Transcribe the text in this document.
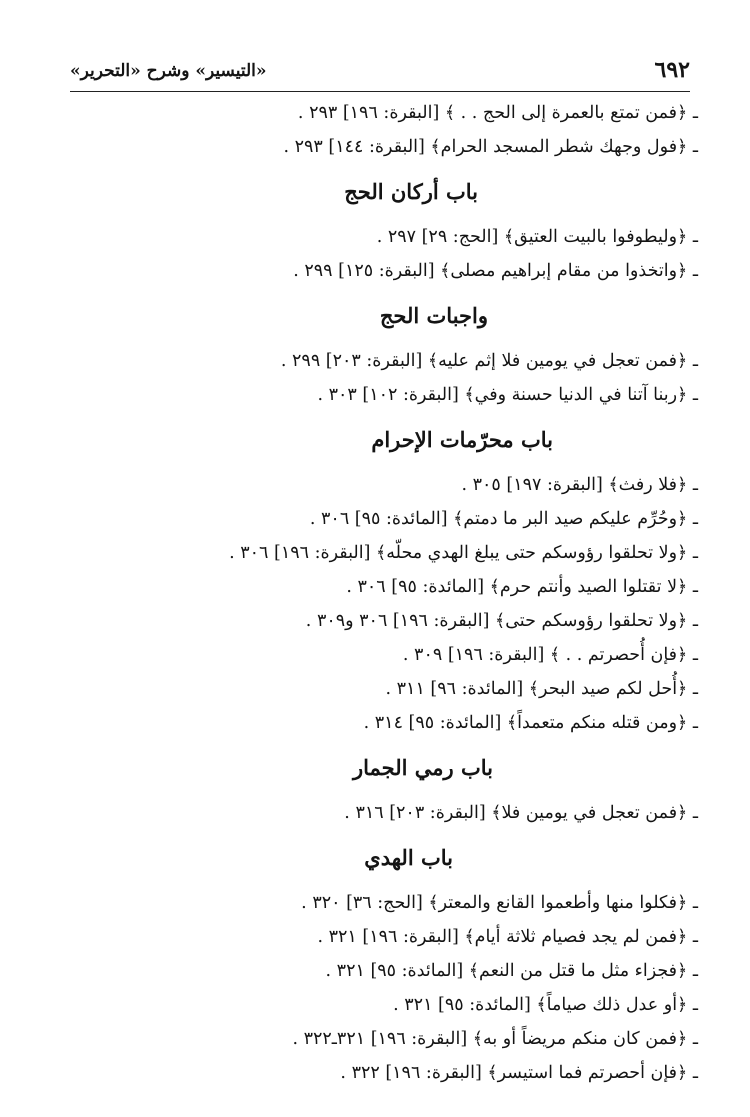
٦٩٢
«التيسير» وشرح «التحرير»
ـ ﴿فمن تمتع بالعمرة إلى الحج . . ﴾ [البقرة: ١٩٦] ٢٩٣ .
ـ ﴿فول وجهك شطر المسجد الحرام﴾ [البقرة: ١٤٤] ٢٩٣ .
باب أركان الحج
ـ ﴿وليطوفوا بالبيت العتيق﴾ [الحج: ٢٩] ٢٩٧ .
ـ ﴿واتخذوا من مقام إبراهيم مصلى﴾ [البقرة: ١٢٥] ٢٩٩ .
واجبات الحج
ـ ﴿فمن تعجل في يومين فلا إثم عليه﴾ [البقرة: ٢٠٣] ٢٩٩ .
ـ ﴿ربنا آتنا في الدنيا حسنة وفي﴾ [البقرة: ١٠٢] ٣٠٣ .
باب محرّمات الإحرام
ـ ﴿فلا رفث﴾ [البقرة: ١٩٧] ٣٠٥ .
ـ ﴿وحُرِّم عليكم صيد البر ما دمتم﴾ [المائدة: ٩٥] ٣٠٦ .
ـ ﴿ولا تحلقوا رؤوسكم حتى يبلغ الهدي محلّه﴾ [البقرة: ١٩٦] ٣٠٦ .
ـ ﴿لا تقتلوا الصيد وأنتم حرم﴾ [المائدة: ٩٥] ٣٠٦ .
ـ ﴿ولا تحلقوا رؤوسكم حتى﴾ [البقرة: ١٩٦] ٣٠٦ و٣٠٩ .
ـ ﴿فإن أُحصرتم . . ﴾ [البقرة: ١٩٦] ٣٠٩ .
ـ ﴿أُحل لكم صيد البحر﴾ [المائدة: ٩٦] ٣١١ .
ـ ﴿ومن قتله منكم متعمداً﴾ [المائدة: ٩٥] ٣١٤ .
باب رمي الجمار
ـ ﴿فمن تعجل في يومين فلا﴾ [البقرة: ٢٠٣] ٣١٦ .
باب الهدي
ـ ﴿فكلوا منها وأطعموا القانع والمعتر﴾ [الحج: ٣٦] ٣٢٠ .
ـ ﴿فمن لم يجد فصيام ثلاثة أيام﴾ [البقرة: ١٩٦] ٣٢١ .
ـ ﴿فجزاء مثل ما قتل من النعم﴾ [المائدة: ٩٥] ٣٢١ .
ـ ﴿أو عدل ذلك صياماً﴾ [المائدة: ٩٥] ٣٢١ .
ـ ﴿فمن كان منكم مريضاً أو به﴾ [البقرة: ١٩٦] ٣٢١ـ٣٢٢ .
ـ ﴿فإن أحصرتم فما استيسر﴾ [البقرة: ١٩٦] ٣٢٢ .
